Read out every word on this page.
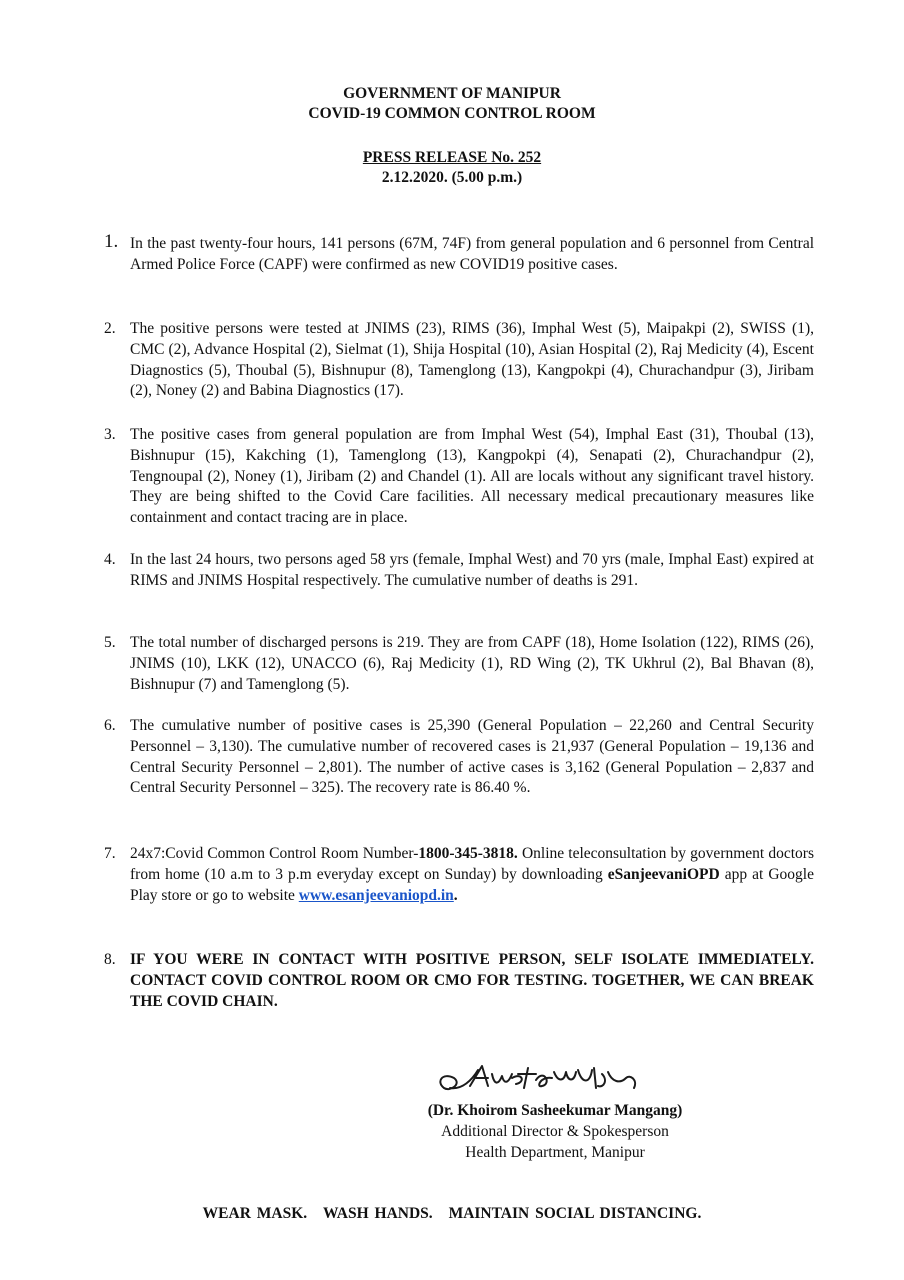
GOVERNMENT OF MANIPUR
COVID-19 COMMON CONTROL ROOM
PRESS RELEASE No. 252
2.12.2020. (5.00 p.m.)
1. In the past twenty-four hours, 141 persons (67M, 74F) from general population and 6 personnel from Central Armed Police Force (CAPF) were confirmed as new COVID19 positive cases.
2. The positive persons were tested at JNIMS (23), RIMS (36), Imphal West (5), Maipakpi (2), SWISS (1), CMC (2), Advance Hospital (2), Sielmat (1), Shija Hospital (10), Asian Hospital (2), Raj Medicity (4), Escent Diagnostics (5), Thoubal (5), Bishnupur (8), Tamenglong (13), Kangpokpi (4), Churachandpur (3), Jiribam (2), Noney (2) and Babina Diagnostics (17).
3. The positive cases from general population are from Imphal West (54), Imphal East (31), Thoubal (13), Bishnupur (15), Kakching (1), Tamenglong (13), Kangpokpi (4), Senapati (2), Churachandpur (2), Tengnoupal (2), Noney (1), Jiribam (2) and Chandel (1). All are locals without any significant travel history. They are being shifted to the Covid Care facilities. All necessary medical precautionary measures like containment and contact tracing are in place.
4. In the last 24 hours, two persons aged 58 yrs (female, Imphal West) and 70 yrs (male, Imphal East) expired at RIMS and JNIMS Hospital respectively. The cumulative number of deaths is 291.
5. The total number of discharged persons is 219. They are from CAPF (18), Home Isolation (122), RIMS (26), JNIMS (10), LKK (12), UNACCO (6), Raj Medicity (1), RD Wing (2), TK Ukhrul (2), Bal Bhavan (8), Bishnupur (7) and Tamenglong (5).
6. The cumulative number of positive cases is 25,390 (General Population – 22,260 and Central Security Personnel – 3,130). The cumulative number of recovered cases is 21,937 (General Population – 19,136 and Central Security Personnel – 2,801). The number of active cases is 3,162 (General Population – 2,837 and Central Security Personnel – 325). The recovery rate is 86.40 %.
7. 24x7:Covid Common Control Room Number-1800-345-3818. Online teleconsultation by government doctors from home (10 a.m to 3 p.m everyday except on Sunday) by downloading eSanjeevaniOPD app at Google Play store or go to website www.esanjeevaniopd.in.
8. IF YOU WERE IN CONTACT WITH POSITIVE PERSON, SELF ISOLATE IMMEDIATELY. CONTACT COVID CONTROL ROOM OR CMO FOR TESTING. TOGETHER, WE CAN BREAK THE COVID CHAIN.
(Dr. Khoirom Sasheekumar Mangang)
Additional Director & Spokesperson
Health Department, Manipur
WEAR MASK. WASH HANDS. MAINTAIN SOCIAL DISTANCING.
